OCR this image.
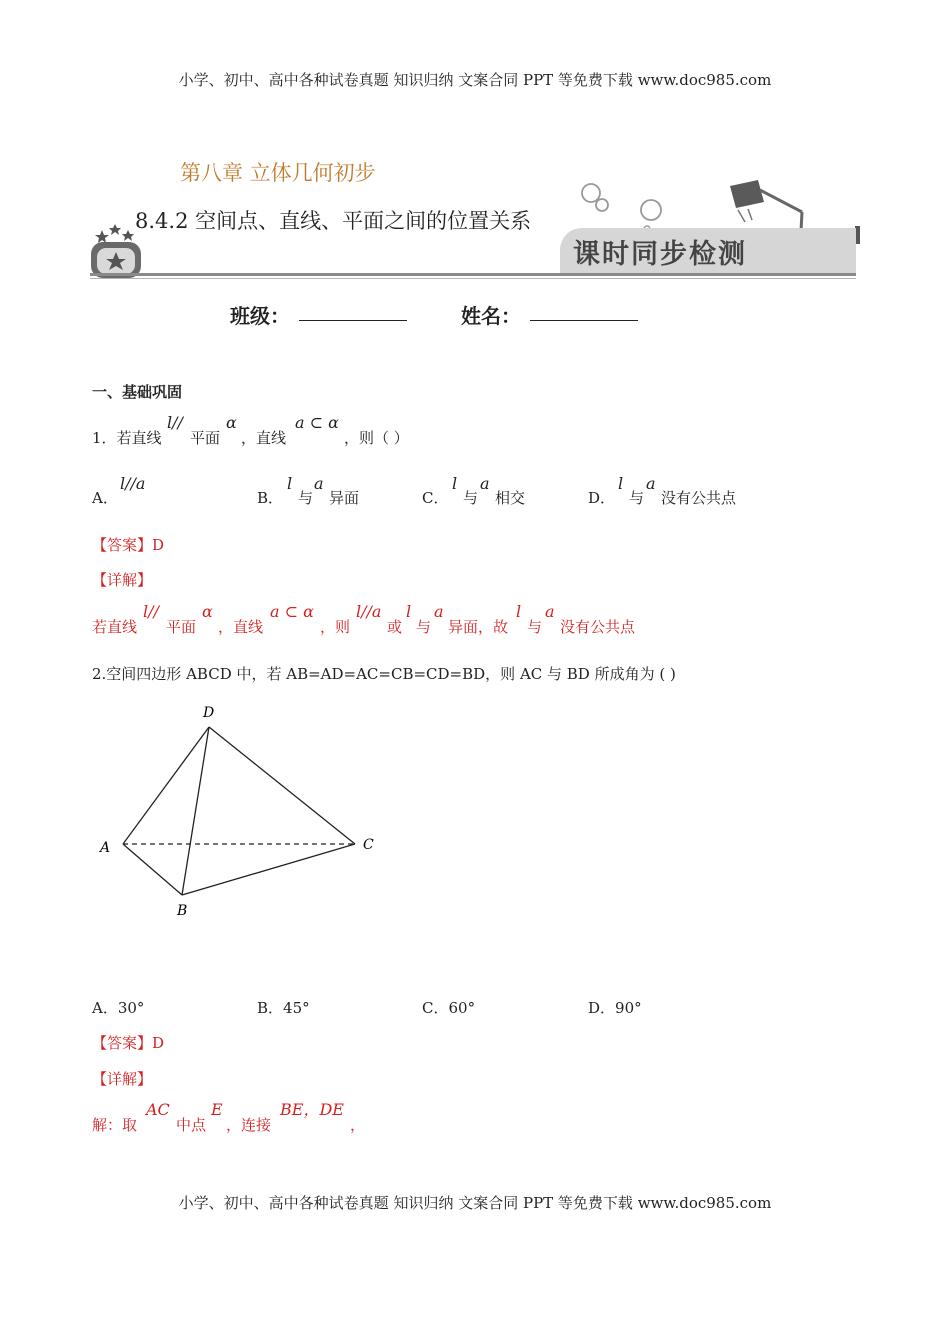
小学、初中、高中各种试卷真题 知识归纳 文案合同 PPT 等免费下载 www.doc985.com
小学、初中、高中各种试卷真题 知识归纳 文案合同 PPT 等免费下载 www.doc985.com
第八章 立体几何初步
8.4.2 空间点、直线、平面之间的位置关系
课时同步检测
班级：	姓名：
一、基础巩固
1．若直线
l//
平面
α
，直线
a ⊂ α
，则（ ）
A．
l//a
B．
l
与
a
异面	C．
l
与
a
相交	D．
l
与
a
没有公共点
【答案】D
【详解】
若直线
l//
平面
α
，直线
a ⊂ α
，则
l//a
或
l
与
a
异面，故
l
与
a
没有公共点
2.空间四边形 ABCD 中，若 AB=AD=AC=CB=CD=BD，则 AC 与 BD 所成角为 ( )
D
A
B
C
A．30°	B．45°	C．60°	D．90°
【答案】D
【详解】
解：取
AC
中点
E
，连接
BE，DE
，
